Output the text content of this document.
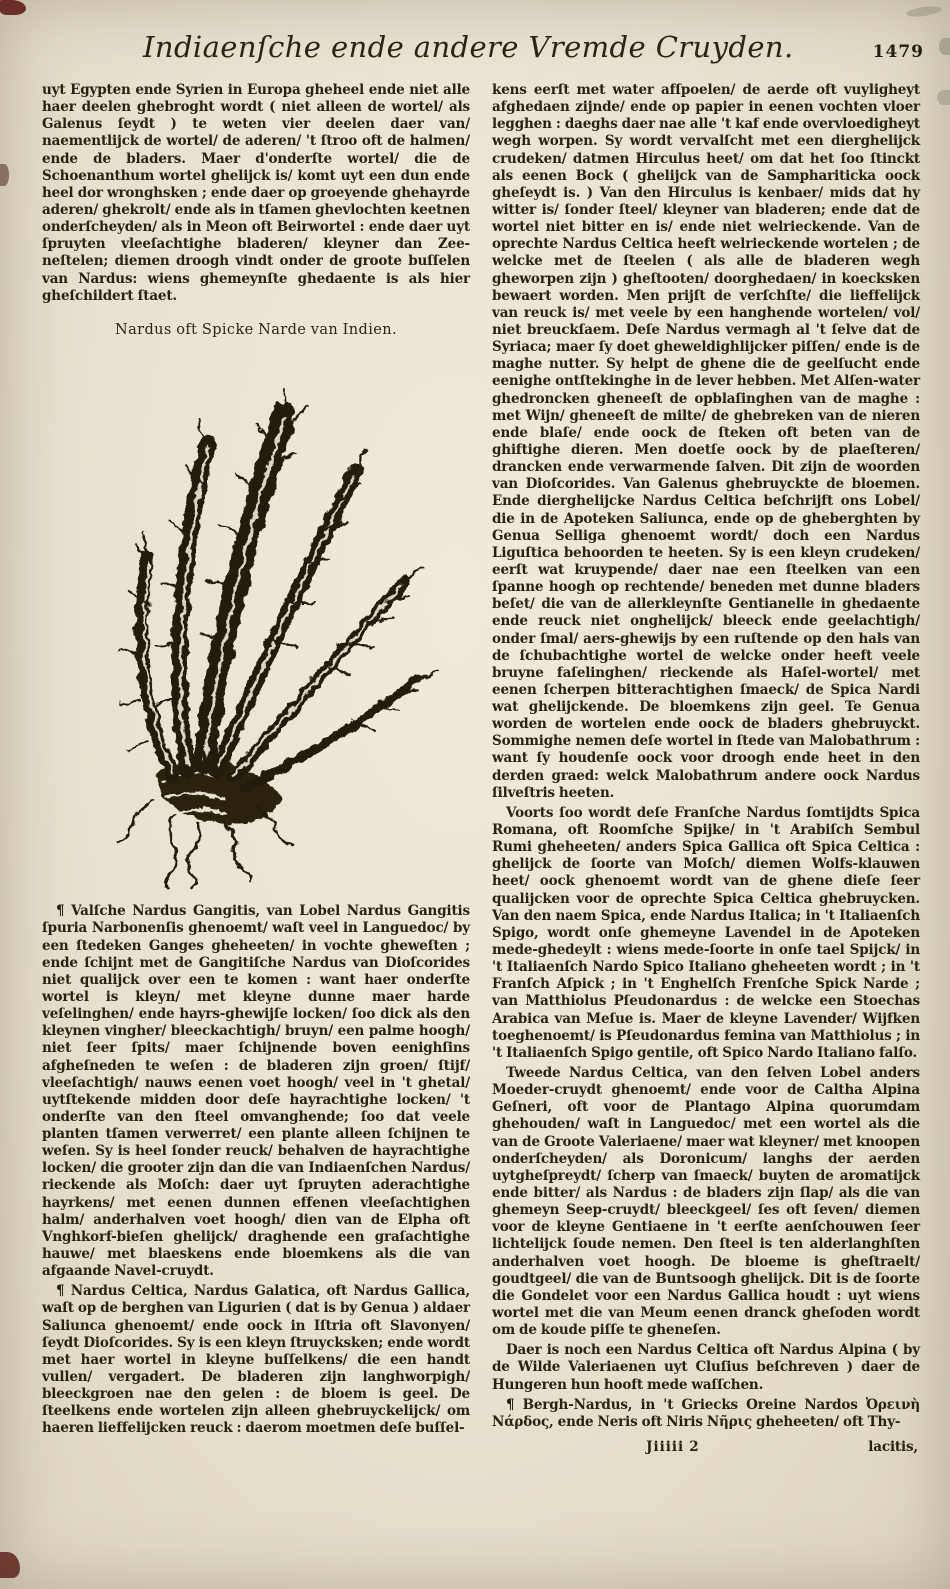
Indiaenſche ende andere Vremde Cruyden.	1479

uyt Egypten ende Syrien in Europa gheheel ende niet alle haer deelen ghebroght wordt ( niet alleen de wortel/ als Galenus ſeydt ) te weten vier deelen daer van/ naementlijck de wortel/ de aderen/ 't ſtroo oft de halmen/ ende de bladers. Maer d'onderſte wortel/ die de Schoenanthum wortel ghelijck is/ komt uyt een dun ende heel dor wronghsken ; ende daer op groeyende ghehayrde aderen/ ghekrolt/ ende als in tſamen ghevlochten keetnen onderſcheyden/ als in Meon oft Beirwortel : ende daer uyt ſpruyten vleeſachtighe bladeren/ kleyner dan Zee-neſtelen; diemen droogh vindt onder de groote buſſelen van Nardus: wiens ghemeynſte ghedaente is als hier gheſchildert ſtaet.

Nardus oft Spicke Narde van Indien.

¶ Valſche Nardus Gangitis, van Lobel Nardus Gangitis ſpuria Narbonenſis ghenoemt/ waſt veel in Languedoc/ by een ſtedeken Ganges gheheeten/ in vochte gheweſten ; ende ſchijnt met de Gangitiſche Nardus van Dioſcorides niet qualijck over een te komen : want haer onderſte wortel is kleyn/ met kleyne dunne maer harde veſelinghen/ ende hayrs-ghewijſe locken/ ſoo dick als den kleynen vingher/ bleeckachtigh/ bruyn/ een palme hoogh/ niet ſeer ſpits/ maer ſchijnende boven eenighſins afgheſneden te weſen : de bladeren zijn groen/ ſtijf/ vleeſachtigh/ nauws eenen voet hoogh/ veel in 't ghetal/ uytſtekende midden door deſe hayrachtighe locken/ 't onderſte van den ſteel omvanghende; ſoo dat veele planten tſamen verwerret/ een plante alleen ſchijnen te weſen. Sy is heel ſonder reuck/ behalven de hayrachtighe locken/ die grooter zijn dan die van Indiaenſchen Nardus/ rieckende als Moſch: daer uyt ſpruyten aderachtighe hayrkens/ met eenen dunnen effenen vleeſachtighen halm/ anderhalven voet hoogh/ dien van de Elpha oft Vnghkorf-bieſen ghelijck/ draghende een graſachtighe hauwe/ met blaeskens ende bloemkens als die van afgaande Navel-cruydt.

¶ Nardus Celtica, Nardus Galatica, oft Nardus Gallica, waſt op de berghen van Ligurien ( dat is by Genua ) aldaer Saliunca ghenoemt/ ende oock in Iſtria oft Slavonyen/ ſeydt Dioſcorides. Sy is een kleyn ſtruycksken; ende wordt met haer wortel in kleyne buſſelkens/ die een handt vullen/ vergadert. De bladeren zijn langhworpigh/ bleeckgroen nae den gelen : de bloem is geel. De ſteelkens ende wortelen zijn alleen ghebruyckelijck/ om haeren lieffelijcken reuck : daerom moetmen deſe buſſel-

kens eerſt met water afſpoelen/ de aerde oft vuyligheyt afghedaen zijnde/ ende op papier in eenen vochten vloer legghen : daeghs daer nae alle 't kaf ende overvloedigheyt wegh worpen. Sy wordt vervalſcht met een dierghelijck crudeken/ datmen Hirculus heet/ om dat het ſoo ſtinckt als eenen Bock ( ghelijck van de Samphariticka oock gheſeydt is. ) Van den Hirculus is kenbaer/ mids dat hy witter is/ ſonder ſteel/ kleyner van bladeren; ende dat de wortel niet bitter en is/ ende niet welrieckende. Van de oprechte Nardus Celtica heeft welrieckende wortelen ; de welcke met de ſteelen ( als alle de bladeren wegh gheworpen zijn ) gheſtooten/ doorghedaen/ in koecksken bewaert worden. Men prijſt de verſchſte/ die lieffelijck van reuck is/ met veele by een hanghende wortelen/ vol/ niet breuckſaem. Deſe Nardus vermagh al 't ſelve dat de Syriaca; maer ſy doet gheweldighlijcker piſſen/ ende is de maghe nutter. Sy helpt de ghene die de geelſucht ende eenighe ontſtekinghe in de lever hebben. Met Alſen-water ghedroncken gheneeſt de opblaſinghen van de maghe : met Wijn/ gheneeſt de milte/ de ghebreken van de nieren ende blaſe/ ende oock de ſteken oft beten van de ghiftighe dieren. Men doetſe oock by de plaeſteren/ drancken ende verwarmende ſalven. Dit zijn de woorden van Dioſcorides. Van Galenus ghebruyckte de bloemen. Ende dierghelijcke Nardus Celtica beſchrijft ons Lobel/ die in de Apoteken Saliunca, ende op de gheberghten by Genua Selliga ghenoemt wordt/ doch een Nardus Liguſtica behoorden te heeten. Sy is een kleyn crudeken/ eerſt wat kruypende/ daer nae een ſteelken van een ſpanne hoogh op rechtende/ beneden met dunne bladers beſet/ die van de allerkleynſte Gentianelle in ghedaente ende reuck niet onghelijck/ bleeck ende geelachtigh/ onder ſmal/ aers-ghewijs by een ruſtende op den hals van de ſchubachtighe wortel de welcke onder heeft veele bruyne faſelinghen/ rieckende als Haſel-wortel/ met eenen ſcherpen bitterachtighen ſmaeck/ de Spica Nardi wat ghelijckende. De bloemkens zijn geel. Te Genua worden de wortelen ende oock de bladers ghebruyckt. Sommighe nemen deſe wortel in ſtede van Malobathrum : want ſy houdenſe oock voor droogh ende heet in den derden graed: welck Malobathrum andere oock Nardus ſilveſtris heeten.

Voorts ſoo wordt deſe Franſche Nardus ſomtijdts Spica Romana, oft Roomſche Spijke/ in 't Arabiſch Sembul Rumi gheheeten/ anders Spica Gallica oft Spica Celtica : ghelijck de ſoorte van Moſch/ diemen Wolfs-klauwen heet/ oock ghenoemt wordt van de ghene dieſe ſeer qualijcken voor de oprechte Spica Celtica ghebruycken. Van den naem Spica, ende Nardus Italica; in 't Italiaenſch Spigo, wordt onſe ghemeyne Lavendel in de Apoteken mede-ghedeylt : wiens mede-ſoorte in onſe tael Spijck/ in 't Italiaenſch Nardo Spico Italiano gheheeten wordt ; in 't Franſch Aſpick ; in 't Enghelſch Frenſche Spick Narde ; van Matthiolus Pſeudonardus : de welcke een Stoechas Arabica van Meſue is. Maer de kleyne Lavender/ Wijfken toeghenoemt/ is Pſeudonardus femina van Matthiolus ; in 't Italiaenſch Spigo gentile, oft Spico Nardo Italiano falſo.

Tweede Nardus Celtica, van den ſelven Lobel anders Moeder-cruydt ghenoemt/ ende voor de Caltha Alpina Geſneri, oft voor de Plantago Alpina quorumdam ghehouden/ waſt in Languedoc/ met een wortel als die van de Groote Valeriaene/ maer wat kleyner/ met knoopen onderſcheyden/ als Doronicum/ langhs der aerden uytgheſpreydt/ ſcherp van ſmaeck/ buyten de aromatijck ende bitter/ als Nardus : de bladers zijn ſlap/ als die van ghemeyn Seep-cruydt/ bleeckgeel/ ſes oft ſeven/ diemen voor de kleyne Gentiaene in 't eerſte aenſchouwen ſeer lichtelijck ſoude nemen. Den ſteel is ten alderlanghſten anderhalven voet hoogh. De bloeme is gheſtraelt/ goudtgeel/ die van de Buntsoogh ghelijck. Dit is de ſoorte die Gondelet voor een Nardus Gallica houdt : uyt wiens wortel met die van Meum eenen dranck gheſoden wordt om de koude piſſe te gheneſen.

Daer is noch een Nardus Celtica oft Nardus Alpina ( by de Wilde Valeriaenen uyt Cluſius beſchreven ) daer de Hungeren hun hooft mede waſſchen.

¶ Bergh-Nardus, in 't Griecks Oreine Nardos Ὀρεινὴ Νάρδος, ende Neris oft Niris Νῆρις gheheeten/ oft Thy-

Jiiiii 2	lacitis,
